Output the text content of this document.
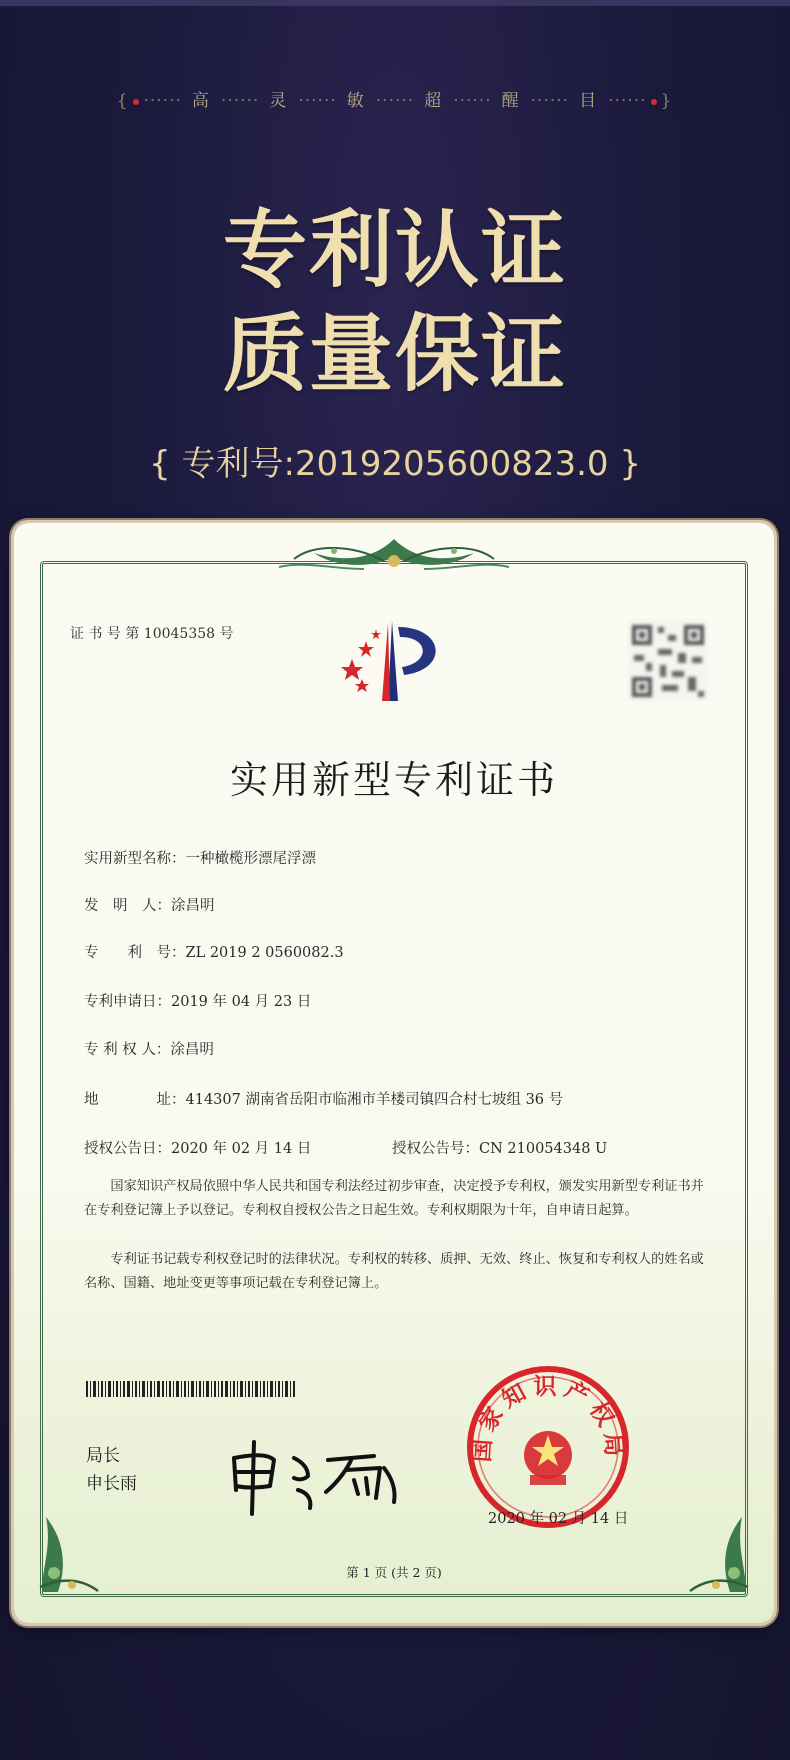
{ ······ 高 ······ 灵 ······ 敏 ······ 超 ······ 醒 ······ 目 ······ }
专利认证
质量保证
{ 专利号:2019205600823.0 }
证 书 号 第 10045358 号
实用新型专利证书
实用新型名称：一种橄榄形漂尾浮漂
发　明　人：涂昌明
专　　利　号：ZL 2019 2 0560082.3
专利申请日：2019 年 04 月 23 日
专 利 权 人：涂昌明
地　　　　址：414307 湖南省岳阳市临湘市羊楼司镇四合村七坡组 36 号
授权公告日：2020 年 02 月 14 日	授权公告号：CN 210054348 U
国家知识产权局依照中华人民共和国专利法经过初步审查，决定授予专利权，颁发实用新型专利证书并在专利登记簿上予以登记。专利权自授权公告之日起生效。专利权期限为十年，自申请日起算。
专利证书记载专利权登记时的法律状况。专利权的转移、质押、无效、终止、恢复和专利权人的姓名或名称、国籍、地址变更等事项记载在专利登记簿上。
局长
申长雨
国家知识产权局
2020 年 02 月 14 日
第 1 页 (共 2 页)
